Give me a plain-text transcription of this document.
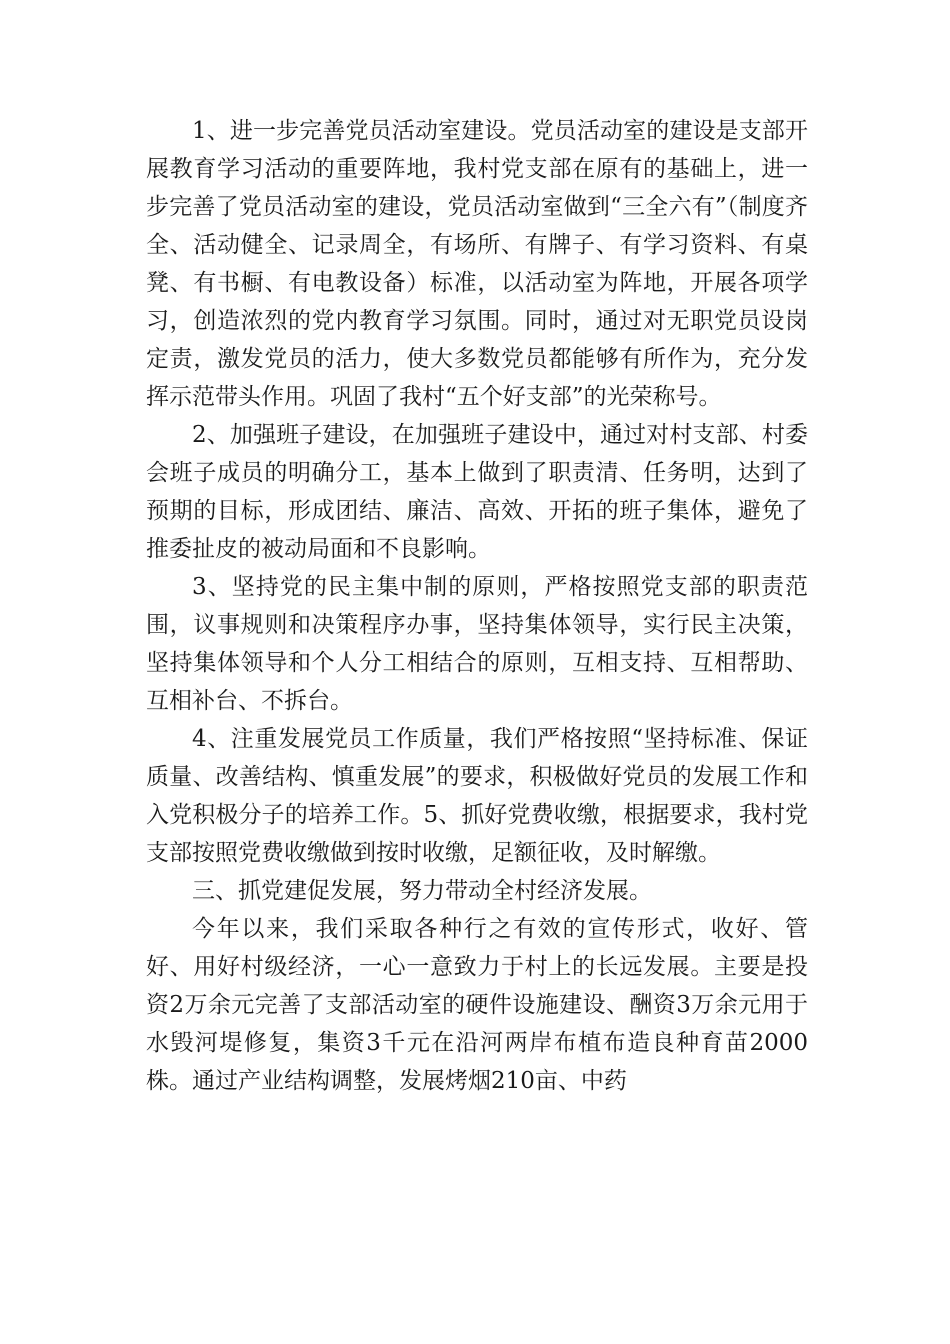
1、进一步完善党员活动室建设。党员活动室的建设是支部开展教育学习活动的重要阵地，我村党支部在原有的基础上，进一步完善了党员活动室的建设，党员活动室做到“三全六有”（制度齐全、活动健全、记录周全，有场所、有牌子、有学习资料、有桌凳、有书橱、有电教设备）标准，以活动室为阵地，开展各项学习，创造浓烈的党内教育学习氛围。同时，通过对无职党员设岗定责，激发党员的活力，使大多数党员都能够有所作为，充分发挥示范带头作用。巩固了我村“五个好支部”的光荣称号。

2、加强班子建设，在加强班子建设中，通过对村支部、村委会班子成员的明确分工，基本上做到了职责清、任务明，达到了预期的目标，形成团结、廉洁、高效、开拓的班子集体，避免了推委扯皮的被动局面和不良影响。

3、坚持党的民主集中制的原则，严格按照党支部的职责范围，议事规则和决策程序办事，坚持集体领导，实行民主决策，坚持集体领导和个人分工相结合的原则，互相支持、互相帮助、互相补台、不拆台。

4、注重发展党员工作质量，我们严格按照“坚持标准、保证质量、改善结构、慎重发展”的要求，积极做好党员的发展工作和入党积极分子的培养工作。5、抓好党费收缴，根据要求，我村党支部按照党费收缴做到按时收缴，足额征收，及时解缴。

三、抓党建促发展，努力带动全村经济发展。

今年以来，我们采取各种行之有效的宣传形式，收好、管好、用好村级经济，一心一意致力于村上的长远发展。主要是投资2万余元完善了支部活动室的硬件设施建设、酬资3万余元用于水毁河堤修复，集资3千元在沿河两岸布植布造良种育苗2000株。通过产业结构调整，发展烤烟210亩、中药
